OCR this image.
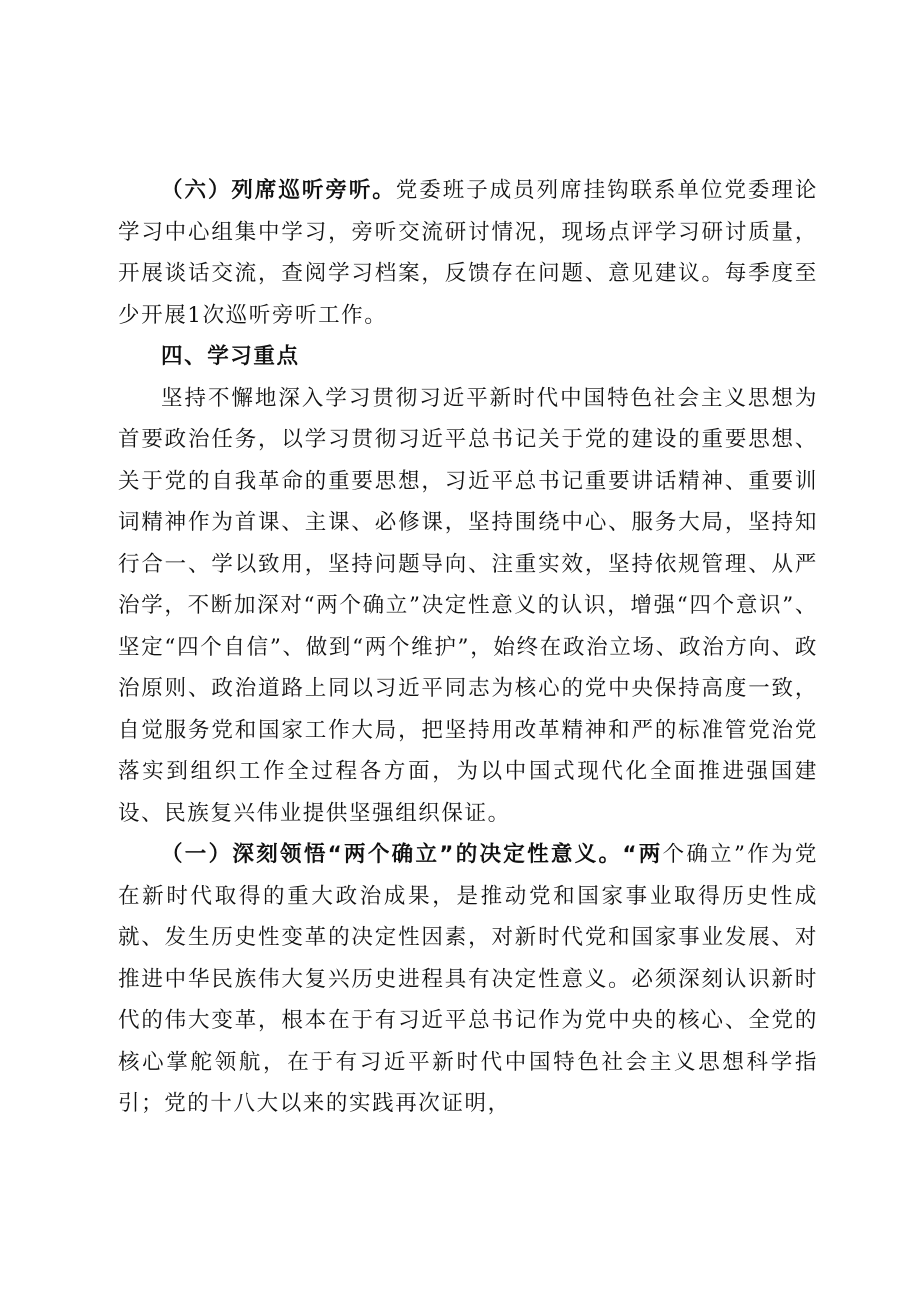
（六）列席巡听旁听。党委班子成员列席挂钩联系单位党委理论学习中心组集中学习，旁听交流研讨情况，现场点评学习研讨质量，开展谈话交流，查阅学习档案，反馈存在问题、意见建议。每季度至少开展1次巡听旁听工作。

四、学习重点

坚持不懈地深入学习贯彻习近平新时代中国特色社会主义思想为首要政治任务，以学习贯彻习近平总书记关于党的建设的重要思想、关于党的自我革命的重要思想，习近平总书记重要讲话精神、重要训词精神作为首课、主课、必修课，坚持围绕中心、服务大局，坚持知行合一、学以致用，坚持问题导向、注重实效，坚持依规管理、从严治学，不断加深对“两个确立”决定性意义的认识，增强“四个意识”、坚定“四个自信”、做到“两个维护”，始终在政治立场、政治方向、政治原则、政治道路上同以习近平同志为核心的党中央保持高度一致，自觉服务党和国家工作大局，把坚持用改革精神和严的标准管党治党落实到组织工作全过程各方面，为以中国式现代化全面推进强国建设、民族复兴伟业提供坚强组织保证。

（一）深刻领悟“两个确立”的决定性意义。“两个确立”作为党在新时代取得的重大政治成果，是推动党和国家事业取得历史性成就、发生历史性变革的决定性因素，对新时代党和国家事业发展、对推进中华民族伟大复兴历史进程具有决定性意义。必须深刻认识新时代的伟大变革，根本在于有习近平总书记作为党中央的核心、全党的核心掌舵领航，在于有习近平新时代中国特色社会主义思想科学指引；党的十八大以来的实践再次证明，
